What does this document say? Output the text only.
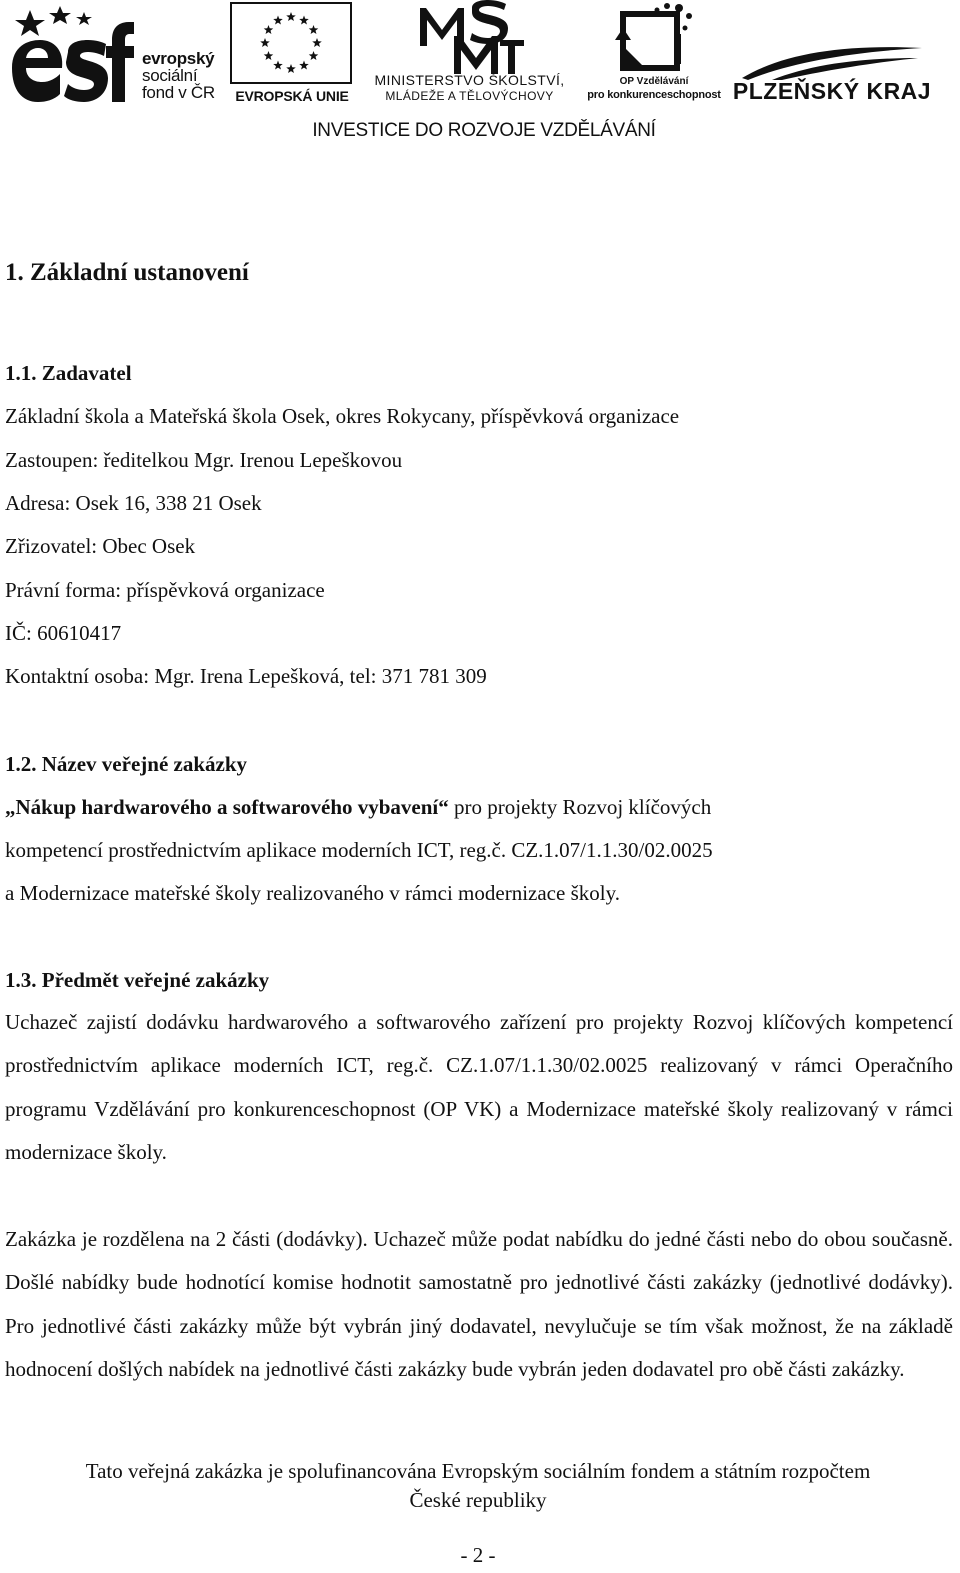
evropský
sociální
fond v ČR	EVROPSKÁ UNIE
MINISTERSTVO ŠKOLSTVÍ,
MLÁDEŽE A TĚLOVÝCHOVY
OP Vzdělávání
pro konkurenceschopnost PLZEŇSKÝ KRAJ
INVESTICE DO ROZVOJE VZDĚLÁVÁNÍ
1. Základní ustanovení
1.1. Zadavatel
Základní škola a Mateřská škola Osek, okres Rokycany, příspěvková organizace
Zastoupen: ředitelkou Mgr. Irenou Lepeškovou
Adresa: Osek 16, 338 21 Osek
Zřizovatel: Obec Osek
Právní forma: příspěvková organizace
IČ: 60610417
Kontaktní osoba: Mgr. Irena Lepešková, tel: 371 781 309
1.2. Název veřejné zakázky
„Nákup hardwarového a softwarového vybavení“ pro projekty Rozvoj klíčových
kompetencí prostřednictvím aplikace moderních ICT, reg.č. CZ.1.07/1.1.30/02.0025
a Modernizace mateřské školy realizovaného v rámci modernizace školy.
1.3. Předmět veřejné zakázky
Uchazeč zajistí dodávku hardwarového a softwarového zařízení pro projekty Rozvoj klíčových kompetencí prostřednictvím aplikace moderních ICT, reg.č. CZ.1.07/1.1.30/02.0025 realizovaný v rámci Operačního programu Vzdělávání pro konkurenceschopnost (OP VK) a Modernizace mateřské školy realizovaný v rámci modernizace školy.
Zakázka je rozdělena na 2 části (dodávky). Uchazeč může podat nabídku do jedné části nebo do obou současně. Došlé nabídky bude hodnotící komise hodnotit samostatně pro jednotlivé části zakázky (jednotlivé dodávky). Pro jednotlivé části zakázky může být vybrán jiný dodavatel, nevylučuje se tím však možnost, že na základě hodnocení došlých nabídek na jednotlivé části zakázky bude vybrán jeden dodavatel pro obě části zakázky.
Tato veřejná zakázka je spolufinancována Evropským sociálním fondem a státním rozpočtem
České republiky
- 2 -
